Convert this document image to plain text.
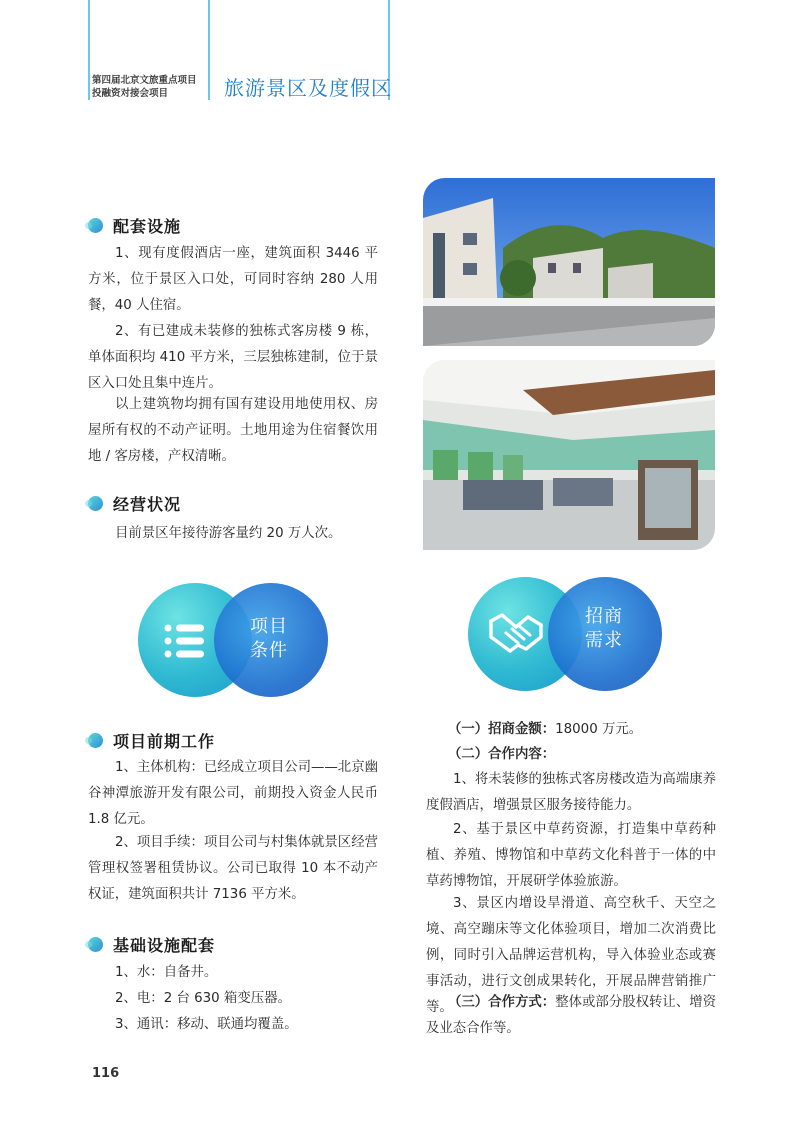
第四届北京文旅重点项目
投融资对接会项目	旅游景区及度假区
配套设施

1、现有度假酒店一座，建筑面积 3446 平方米，位于景区入口处，可同时容纳 280 人用餐，40 人住宿。

2、有已建成未装修的独栋式客房楼 9 栋，单体面积均 410 平方米，三层独栋建制，位于景区入口处且集中连片。

以上建筑物均拥有国有建设用地使用权、房屋所有权的不动产证明。土地用途为住宿餐饮用地 / 客房楼，产权清晰。

经营状况

目前景区年接待游客量约 20 万人次。

项目
条件
招商
需求
项目前期工作

1、主体机构：已经成立项目公司——北京幽谷神潭旅游开发有限公司，前期投入资金人民币 1.8 亿元。

2、项目手续：项目公司与村集体就景区经营管理权签署租赁协议。公司已取得 10 本不动产权证，建筑面积共计 7136 平方米。

基础设施配套

1、水：自备井。

2、电：2 台 630 箱变压器。

3、通讯：移动、联通均覆盖。

（一）招商金额：18000 万元。

（二）合作内容：

1、将未装修的独栋式客房楼改造为高端康养度假酒店，增强景区服务接待能力。

2、基于景区中草药资源，打造集中草药种植、养殖、博物馆和中草药文化科普于一体的中草药博物馆，开展研学体验旅游。

3、景区内增设旱滑道、高空秋千、天空之境、高空蹦床等文化体验项目，增加二次消费比例，同时引入品牌运营机构，导入体验业态或赛事活动，进行文创成果转化，开展品牌营销推广等。

（三）合作方式：整体或部分股权转让、增资及业态合作等。

116
